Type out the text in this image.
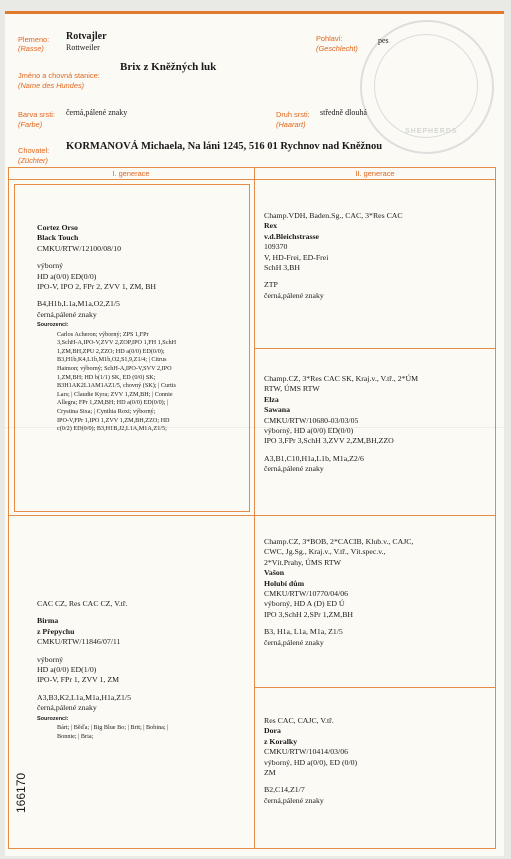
SHEPHERDS
Plemeno:
(Rasse)
Rotvajler
Rottweiler
Jméno a chovná stanice:
(Name des Hundes)
Brix z Kněžných luk
Pohlaví:
(Geschlecht)
pes
Barva srsti:
(Farbe)
černá,pálené znaky	Druh srsti:
(Haarart)
středně dlouhá
Chovatel:
(Züchter)
KORMANOVÁ Michaela, Na láni 1245, 516 01 Rychnov nad Kněžnou
I. generace	II. generace
Cortez Orso
Black Touch
CMKU/RTW/12100/08/10
výborný
HD a(0/0) ED(0/0)
IPO-V, IPO 2, FPr 2, ZVV 1, ZM, BH
B4,H1b,L1a,M1a,O2,Z1/5
černá,pálené znaky
Sourozenci:
Carlos Acheron; výborný; ZPS 1,FPr
3,SchH-A,IPO-V,ZVV 2,ZOP,IPO 1,FH 1,SchH
1,ZM,BH,ZPU 2,ZZO; HD a(0/0) ED(0/0);
B3,H1b,K4,L1b,M1b,O2,S1,9,Z1/4; | Citrus
Haimon; výborný; SchH-A,IPO-V,SVV 2,IPO
1,ZM,BH; HD b(1/1) SK, ED (0/0) SK;
B3H1AK2L1AM1AZ1/5, chovný (SK); | Curtis
Lars; | Claudie Kyra; ZVV 1,ZM,BH; | Connie
Allegra; FPr 1,ZM,BH; HD a(0/0) ED(0/0); |
Crystina Sixa; | Cynthia Roxi; výborný;
IPO-V,FPr 1,IPO 1,ZVV 1,ZM,BH,ZZO; HD
c(0/2) ED(0/0); B3,H1B,J2,L1A,M1A,Z1/5;
Champ.VDH, Baden.Sg., CAC, 3*Res CAC
Rex
v.d.Bleichstrasse
109370
V, HD-Frei, ED-Frei
SchH 3,BH
ZTP
černá,pálené znaky
Champ.CZ, 3*Res CAC SK, Kraj.v., V.tř., 2*ÚM
RTW, ÚMS RTW
Elza
Sawana
CMKU/RTW/10680-03/03/05
výborný, HD a(0/0) ED(0/0)
IPO 3,FPr 3,SchH 3,ZVV 2,ZM,BH,ZZO
A3,B1,C10,H1a,L1b, M1a,Z2/6
černá,pálené znaky
CAC CZ, Res CAC CZ, V.tř.
Birma
z Přepychu
CMKU/RTW/11846/07/11
výborný
HD a(0/0) ED(1/0)
IPO-V, FPr 1, ZVV 1, ZM
A3,B3,K2,L1a,M1a,H1a,Z1/5
černá,pálené znaky
Sourozenci:
Bárt; | Běďa; | Big Blue Bo; | Brit; | Bobina; |
Bonnie; | Bria;
Champ.CZ, 3*BOB, 2*CACIB, Klub.v., CAJC,
CWC, Jg.Sg., Kraj.v., V.tř., Vít.spec.v.,
2*Vít.Prahy, ÚMS RTW
Vašon
Holubí dům
CMKU/RTW/10770/04/06
výborný, HD A (D) ED Ú
IPO 3,SchH 2,SPr 1,ZM,BH
B3, H1a, L1a, M1a, Z1/5
černá,pálené znaky
Res CAC, CAJC, V.tř.
Dora
z Koralky
CMKU/RTW/10414/03/06
výborný, HD a(0/0), ED (0/0)
ZM
B2,C14,Z1/7
černá,pálené znaky
166170
